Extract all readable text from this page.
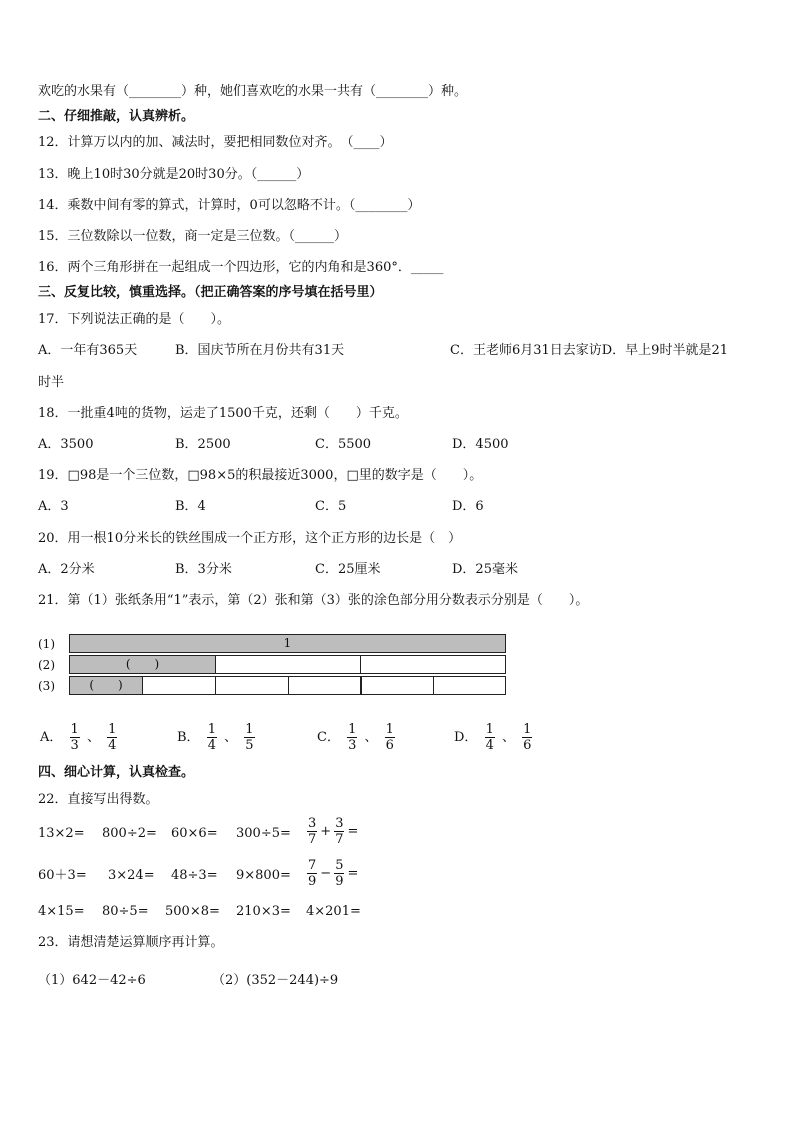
欢吃的水果有（________）种，她们喜欢吃的水果一共有（________）种。
二、仔细推敲，认真辨析。
12．计算万以内的加、减法时，要把相同数位对齐。　（____）
13．晚上10时30分就是20时30分。（______）
14．乘数中间有零的算式，计算时，0可以忽略不计。（________）
15．三位数除以一位数，商一定是三位数。（______）
16．两个三角形拼在一起组成一个四边形，它的内角和是360°．_____
三、反复比较，慎重选择。（把正确答案的序号填在括号里）
17．下列说法正确的是（　　）。
A．一年有365天	B．国庆节所在月份共有31天	C．王老师6月31日去家访D．早上9时半就是21
时半
18．一批重4吨的货物，运走了1500千克，还剩（　　）千克。
A．3500	B．2500	C．5500	D．4500
19．□98是一个三位数，□98×5的积最接近3000，□里的数字是（　　）。
A．3	B．4	C．5	D．6
20．用一根10分米长的铁丝围成一个正方形，这个正方形的边长是（　）
A．2分米	B．3分米	C．25厘米	D．25毫米
21．第（1）张纸条用“1”表示，第（2）张和第（3）张的涂色部分用分数表示分别是（　　）。
(1)
(2)
(3)
1
(　　)
(　　)
A． $\frac{1}{3}$ 、 $\frac{1}{4}$	B． $\frac{1}{4}$ 、 $\frac{1}{5}$	C． $\frac{1}{3}$ 、 $\frac{1}{6}$	D． $\frac{1}{4}$ 、 $\frac{1}{6}$
四、细心计算，认真检查。
22．直接写出得数。
$13\times 2= 800\div 2= 60\times 6= 300\div 5= \frac{3}{7} + \frac{3}{7}$ =
$60+3= 3\times 24= 48\div 3= 9\times 800= \frac{7}{9} - \frac{5}{9}$ =
4×15= 80÷5= 500×8= 210×3= 4×201=
23．请想清楚运算顺序再计算。
（1）642－42÷6	（2）(352－244)÷9
